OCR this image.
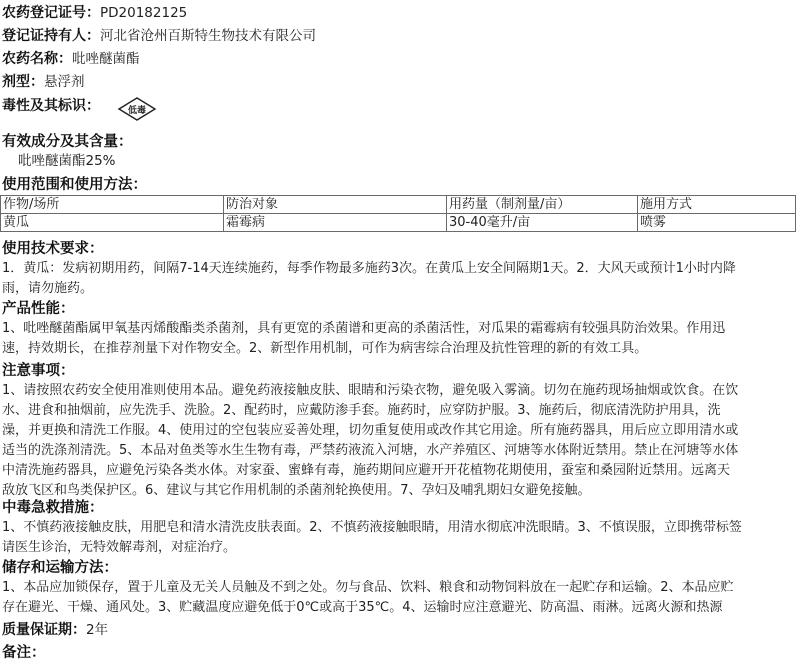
农药登记证号：PD20182125
登记证持有人：河北省沧州百斯特生物技术有限公司
农药名称：吡唑醚菌酯
剂型：悬浮剂
毒性及其标识：	低毒
有效成分及其含量：
吡唑醚菌酯25%
使用范围和使用方法：
作物/场所	防治对象	用药量（制剂量/亩）	施用方式
黄瓜	霜霉病	30-40毫升/亩	喷雾
使用技术要求：
1．黄瓜：发病初期用药，间隔7-14天连续施药，每季作物最多施药3次。在黄瓜上安全间隔期1天。2．大风天或预计1小时内降
雨，请勿施药。
产品性能：
1、吡唑醚菌酯属甲氧基丙烯酸酯类杀菌剂，具有更宽的杀菌谱和更高的杀菌活性，对瓜果的霜霉病有较强具防治效果。作用迅
速，持效期长，在推荐剂量下对作物安全。2、新型作用机制，可作为病害综合治理及抗性管理的新的有效工具。
注意事项：
1、请按照农药安全使用准则使用本品。避免药液接触皮肤、眼睛和污染衣物，避免吸入雾滴。切勿在施药现场抽烟或饮食。在饮
水、进食和抽烟前，应先洗手、洗脸。2、配药时，应戴防渗手套。施药时，应穿防护服。3、施药后，彻底清洗防护用具，洗
澡，并更换和清洗工作服。4、使用过的空包装应妥善处理，切勿重复使用或改作其它用途。所有施药器具，用后应立即用清水或
适当的洗涤剂清洗。5、本品对鱼类等水生生物有毒，严禁药液流入河塘，水产养殖区、河塘等水体附近禁用。禁止在河塘等水体
中清洗施药器具，应避免污染各类水体。对家蚕、蜜蜂有毒，施药期间应避开开花植物花期使用，蚕室和桑园附近禁用。远离天
敌放飞区和鸟类保护区。6、建议与其它作用机制的杀菌剂轮换使用。7、孕妇及哺乳期妇女避免接触。
中毒急救措施：
1、不慎药液接触皮肤，用肥皂和清水清洗皮肤表面。2、不慎药液接触眼睛，用清水彻底冲洗眼睛。3、不慎误服，立即携带标签
请医生诊治，无特效解毒剂，对症治疗。
储存和运输方法：
1、本品应加锁保存，置于儿童及无关人员触及不到之处。勿与食品、饮料、粮食和动物饲料放在一起贮存和运输。2、本品应贮
存在避光、干燥、通风处。3、贮藏温度应避免低于0℃或高于35℃。4、运输时应注意避光、防高温、雨淋。远离火源和热源
质量保证期：2年
备注：
